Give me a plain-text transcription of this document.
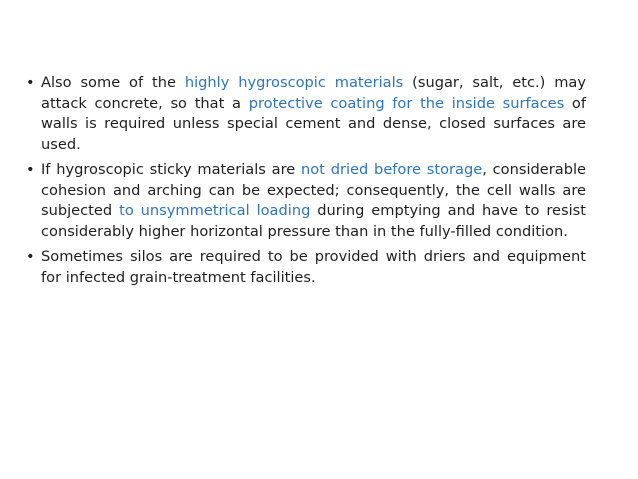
• Also some of the highly hygroscopic materials (sugar, salt, etc.) may attack concrete, so that a protective coating for the inside surfaces of walls is required unless special cement and dense, closed surfaces are used.
• If hygroscopic sticky materials are not dried before storage, considerable cohesion and arching can be expected; consequently, the cell walls are subjected to unsymmetrical loading during emptying and have to resist considerably higher horizontal pressure than in the fully-filled condition.
• Sometimes silos are required to be provided with driers and equipment for infected grain-treatment facilities.
